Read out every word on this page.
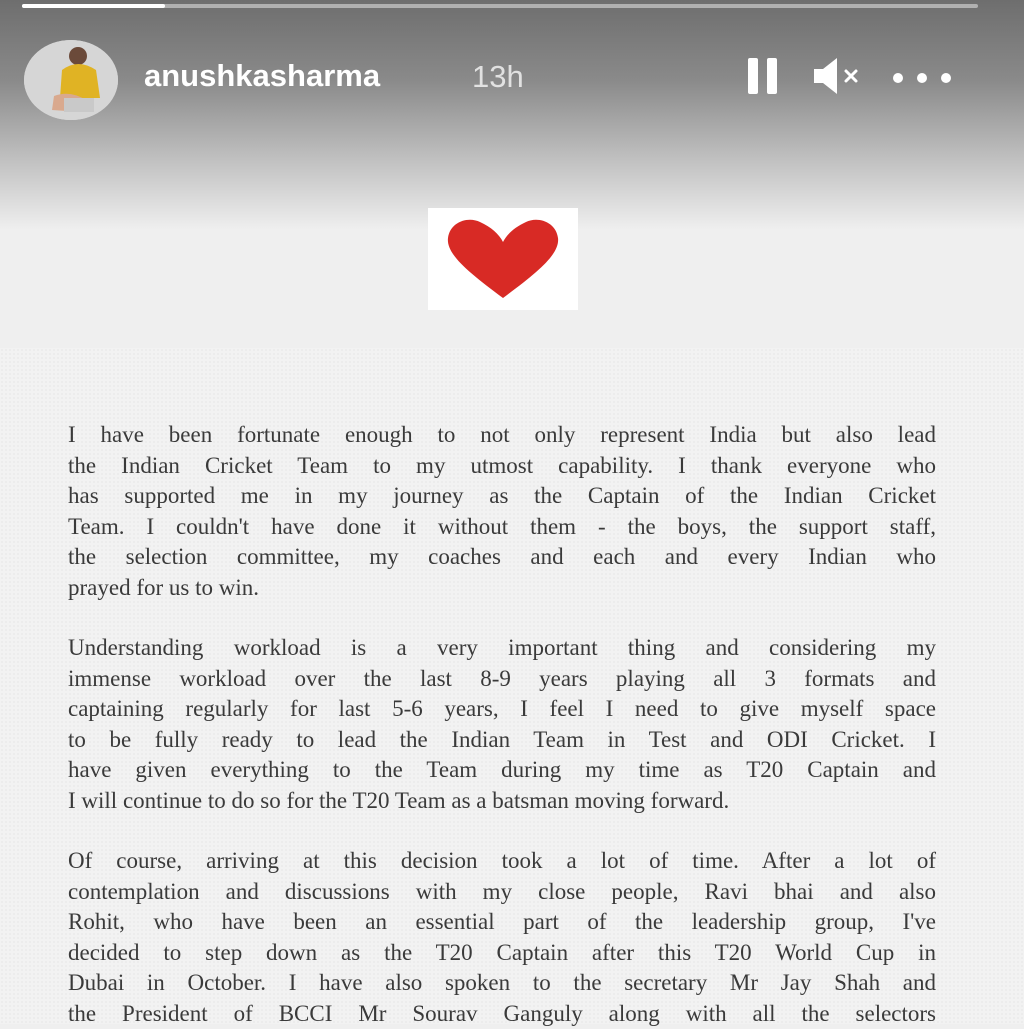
anushkasharma	13h
I have been fortunate enough to not only represent India but also lead
the Indian Cricket Team to my utmost capability. I thank everyone who
has supported me in my journey as the Captain of the Indian Cricket
Team. I couldn't have done it without them - the boys, the support staff,
the selection committee, my coaches and each and every Indian who
prayed for us to win.
Understanding workload is a very important thing and considering my
immense workload over the last 8-9 years playing all 3 formats and
captaining regularly for last 5-6 years, I feel I need to give myself space
to be fully ready to lead the Indian Team in Test and ODI Cricket. I
have given everything to the Team during my time as T20 Captain and
I will continue to do so for the T20 Team as a batsman moving forward.
Of course, arriving at this decision took a lot of time. After a lot of
contemplation and discussions with my close people, Ravi bhai and also
Rohit, who have been an essential part of the leadership group, I've
decided to step down as the T20 Captain after this T20 World Cup in
Dubai in October. I have also spoken to the secretary Mr Jay Shah and
the President of BCCI Mr Sourav Ganguly along with all the selectors
